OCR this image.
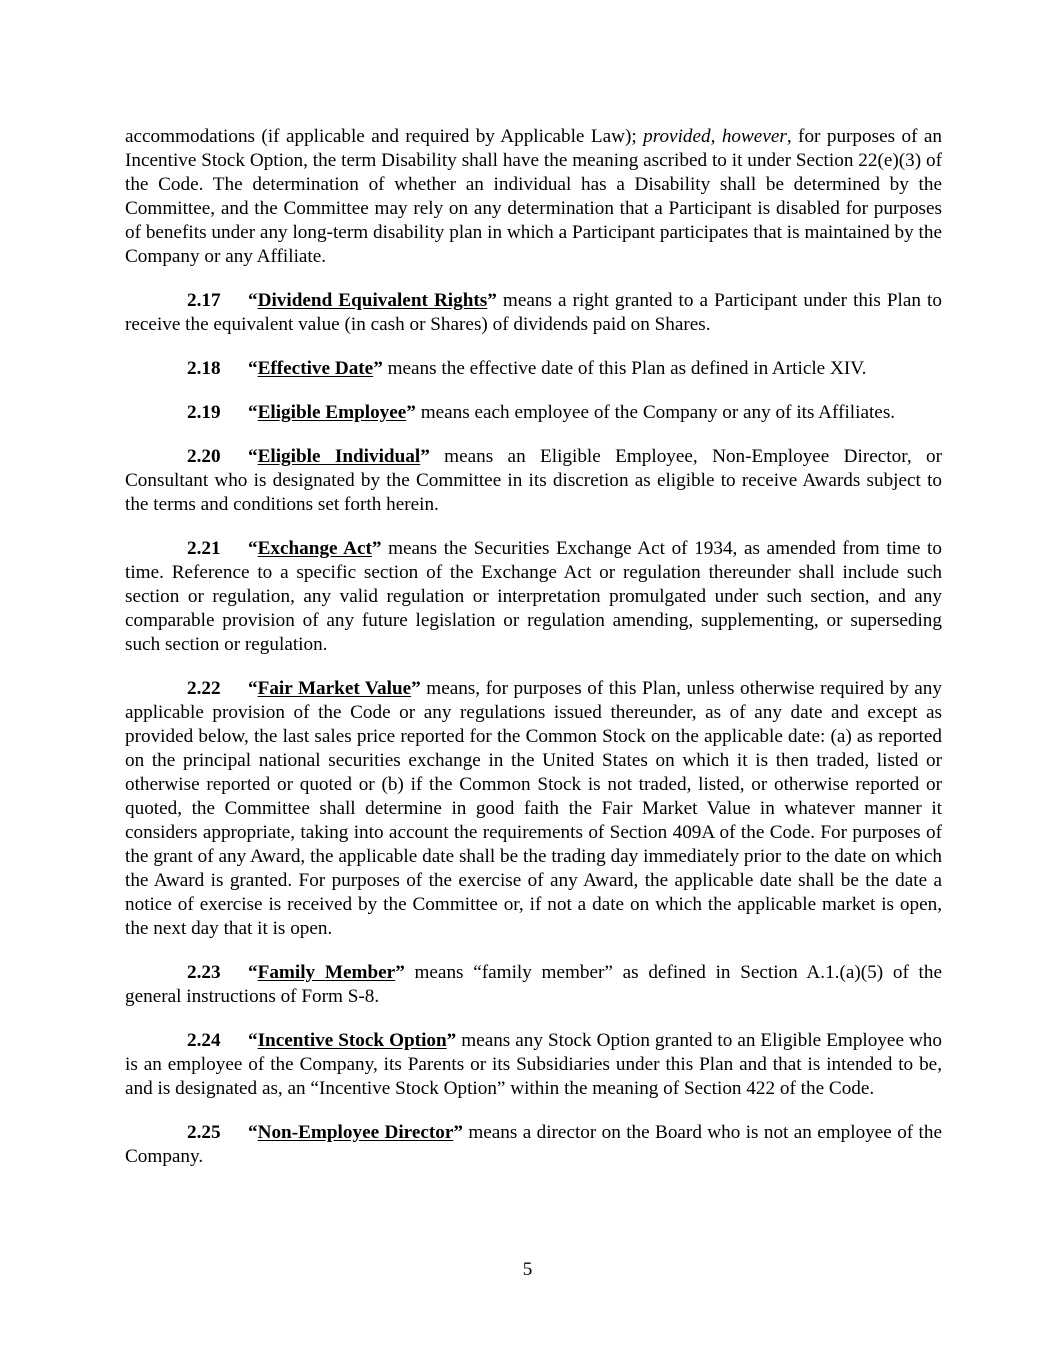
accommodations (if applicable and required by Applicable Law); provided, however, for purposes of an Incentive Stock Option, the term Disability shall have the meaning ascribed to it under Section 22(e)(3) of the Code. The determination of whether an individual has a Disability shall be determined by the Committee, and the Committee may rely on any determination that a Participant is disabled for purposes of benefits under any long-term disability plan in which a Participant participates that is maintained by the Company or any Affiliate.

2.17 “Dividend Equivalent Rights” means a right granted to a Participant under this Plan to receive the equivalent value (in cash or Shares) of dividends paid on Shares.

2.18 “Effective Date” means the effective date of this Plan as defined in Article XIV.

2.19 “Eligible Employee” means each employee of the Company or any of its Affiliates.

2.20 “Eligible Individual” means an Eligible Employee, Non-Employee Director, or Consultant who is designated by the Committee in its discretion as eligible to receive Awards subject to the terms and conditions set forth herein.

2.21 “Exchange Act” means the Securities Exchange Act of 1934, as amended from time to time. Reference to a specific section of the Exchange Act or regulation thereunder shall include such section or regulation, any valid regulation or interpretation promulgated under such section, and any comparable provision of any future legislation or regulation amending, supplementing, or superseding such section or regulation.

2.22 “Fair Market Value” means, for purposes of this Plan, unless otherwise required by any applicable provision of the Code or any regulations issued thereunder, as of any date and except as provided below, the last sales price reported for the Common Stock on the applicable date: (a) as reported on the principal national securities exchange in the United States on which it is then traded, listed or otherwise reported or quoted or (b) if the Common Stock is not traded, listed, or otherwise reported or quoted, the Committee shall determine in good faith the Fair Market Value in whatever manner it considers appropriate, taking into account the requirements of Section 409A of the Code. For purposes of the grant of any Award, the applicable date shall be the trading day immediately prior to the date on which the Award is granted. For purposes of the exercise of any Award, the applicable date shall be the date a notice of exercise is received by the Committee or, if not a date on which the applicable market is open, the next day that it is open.

2.23 “Family Member” means “family member” as defined in Section A.1.(a)(5) of the general instructions of Form S-8.

2.24 “Incentive Stock Option” means any Stock Option granted to an Eligible Employee who is an employee of the Company, its Parents or its Subsidiaries under this Plan and that is intended to be, and is designated as, an “Incentive Stock Option” within the meaning of Section 422 of the Code.

2.25 “Non-Employee Director” means a director on the Board who is not an employee of the Company.

5
